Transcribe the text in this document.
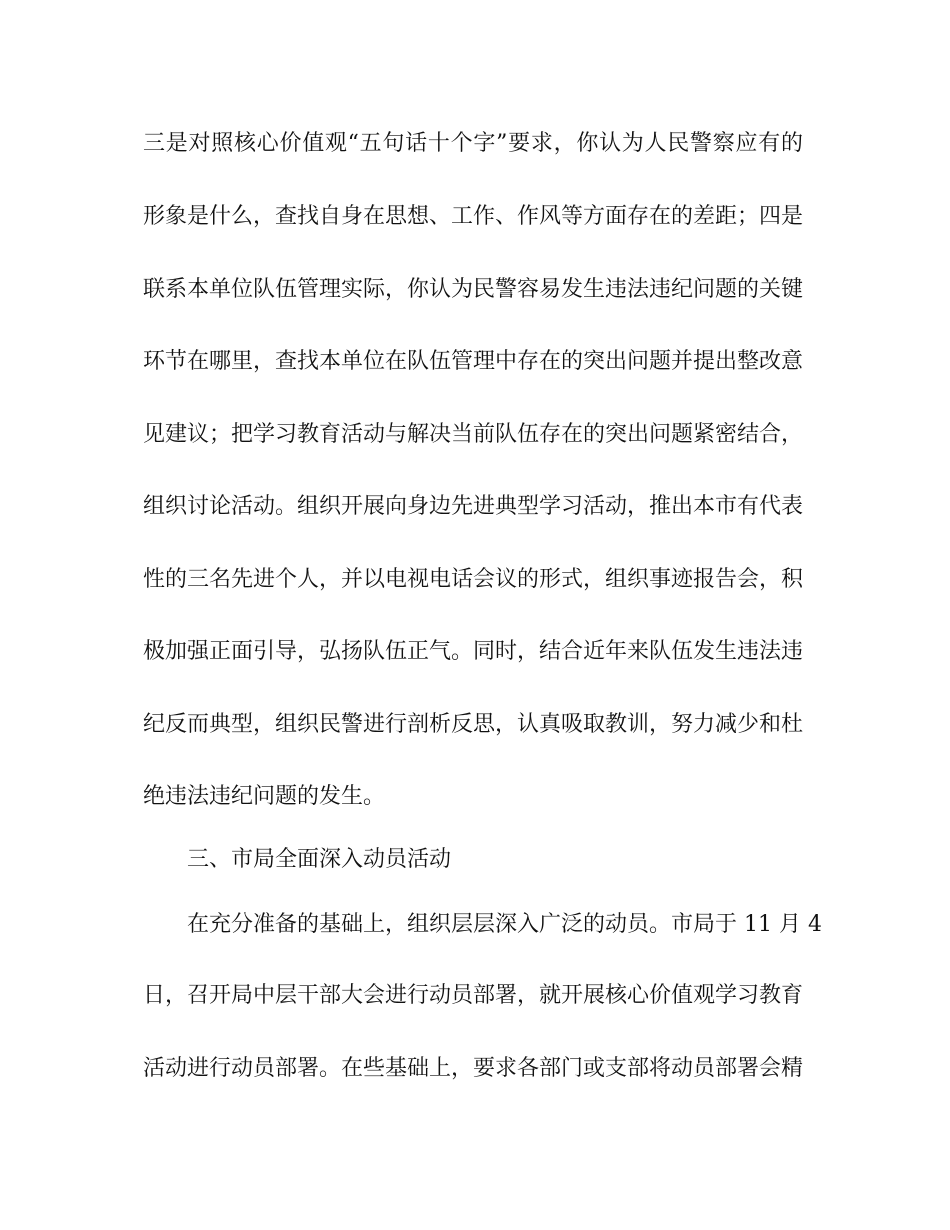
三是对照核心价值观“五句话十个字”要求，你认为人民警察应有的
形象是什么，查找自身在思想、工作、作风等方面存在的差距；四是
联系本单位队伍管理实际，你认为民警容易发生违法违纪问题的关键
环节在哪里，查找本单位在队伍管理中存在的突出问题并提出整改意
见建议；把学习教育活动与解决当前队伍存在的突出问题紧密结合，
组织讨论活动。组织开展向身边先进典型学习活动，推出本市有代表
性的三名先进个人，并以电视电话会议的形式，组织事迹报告会，积
极加强正面引导，弘扬队伍正气。同时，结合近年来队伍发生违法违
纪反而典型，组织民警进行剖析反思，认真吸取教训，努力减少和杜
绝违法违纪问题的发生。
三、市局全面深入动员活动
在充分准备的基础上，组织层层深入广泛的动员。市局于 11 月 4
日，召开局中层干部大会进行动员部署，就开展核心价值观学习教育
活动进行动员部署。在些基础上，要求各部门或支部将动员部署会精
